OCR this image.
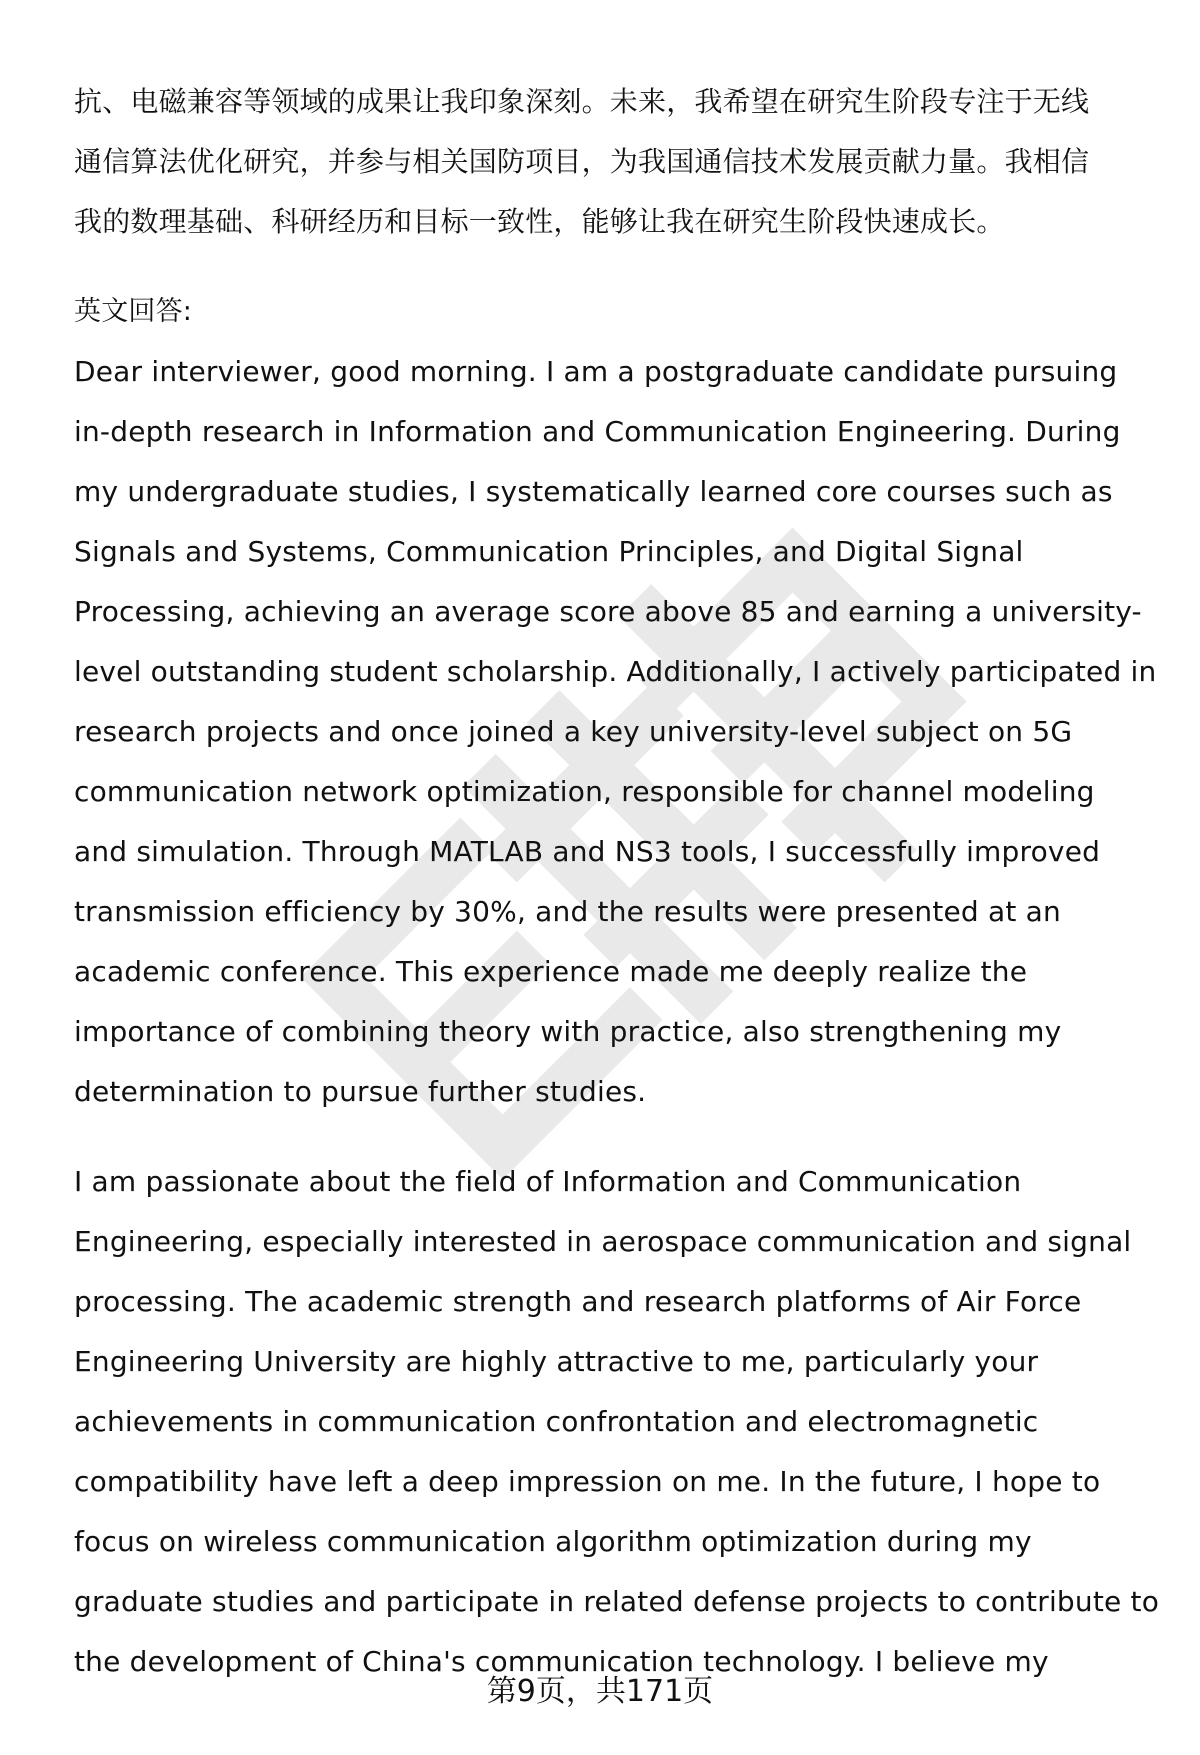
抗、电磁兼容等领域的成果让我印象深刻。未来，我希望在研究生阶段专注于无线
通信算法优化研究，并参与相关国防项目，为我国通信技术发展贡献力量。我相信
我的数理基础、科研经历和目标一致性，能够让我在研究生阶段快速成长。
英文回答:
Dear interviewer, good morning. I am a postgraduate candidate pursuing
in-depth research in Information and Communication Engineering. During
my undergraduate studies, I systematically learned core courses such as
Signals and Systems, Communication Principles, and Digital Signal
Processing, achieving an average score above 85 and earning a university-
level outstanding student scholarship. Additionally, I actively participated in
research projects and once joined a key university-level subject on 5G
communication network optimization, responsible for channel modeling
and simulation. Through MATLAB and NS3 tools, I successfully improved
transmission efficiency by 30%, and the results were presented at an
academic conference. This experience made me deeply realize the
importance of combining theory with practice, also strengthening my
determination to pursue further studies.
I am passionate about the field of Information and Communication
Engineering, especially interested in aerospace communication and signal
processing. The academic strength and research platforms of Air Force
Engineering University are highly attractive to me, particularly your
achievements in communication confrontation and electromagnetic
compatibility have left a deep impression on me. In the future, I hope to
focus on wireless communication algorithm optimization during my
graduate studies and participate in related defense projects to contribute to
the development of China's communication technology. I believe my
第9页，共171页
